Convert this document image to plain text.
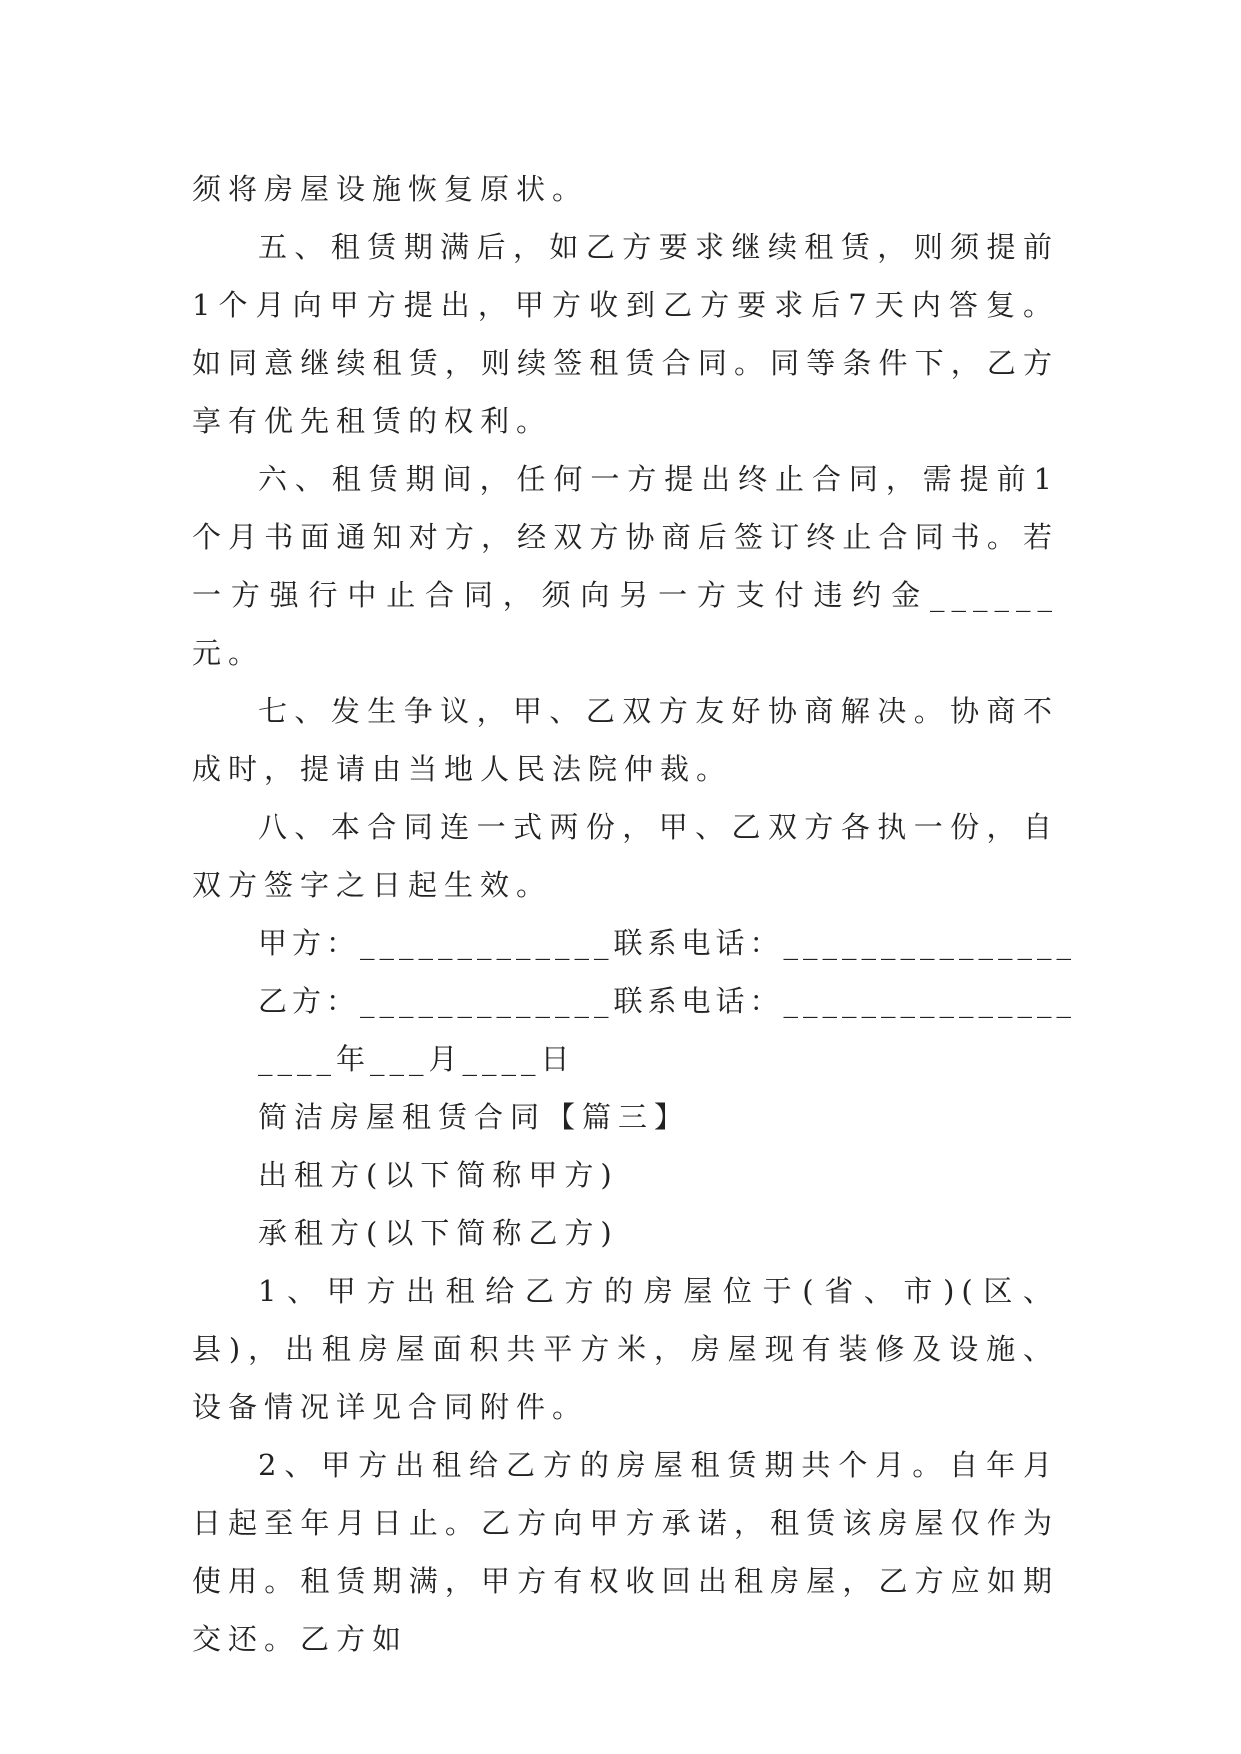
须将房屋设施恢复原状。

五、租赁期满后，如乙方要求继续租赁，则须提前1个月向甲方提出，甲方收到乙方要求后7天内答复。如同意继续租赁，则续签租赁合同。同等条件下，乙方享有优先租赁的权利。

六、租赁期间，任何一方提出终止合同，需提前1个月书面通知对方，经双方协商后签订终止合同书。若一方强行中止合同，须向另一方支付违约金______元。

七、发生争议，甲、乙双方友好协商解决。协商不成时，提请由当地人民法院仲裁。

八、本合同连一式两份，甲、乙双方各执一份，自双方签字之日起生效。

甲方：_____________联系电话：_______________

乙方：_____________联系电话：_______________

____年___月____日

简洁房屋租赁合同【篇三】

出租方(以下简称甲方)

承租方(以下简称乙方)

1、甲方出租给乙方的房屋位于(省、市)(区、县)，出租房屋面积共平方米，房屋现有装修及设施、设备情况详见合同附件。

2、甲方出租给乙方的房屋租赁期共个月。自年月日起至年月日止。乙方向甲方承诺，租赁该房屋仅作为使用。租赁期满，甲方有权收回出租房屋，乙方应如期交还。乙方如
